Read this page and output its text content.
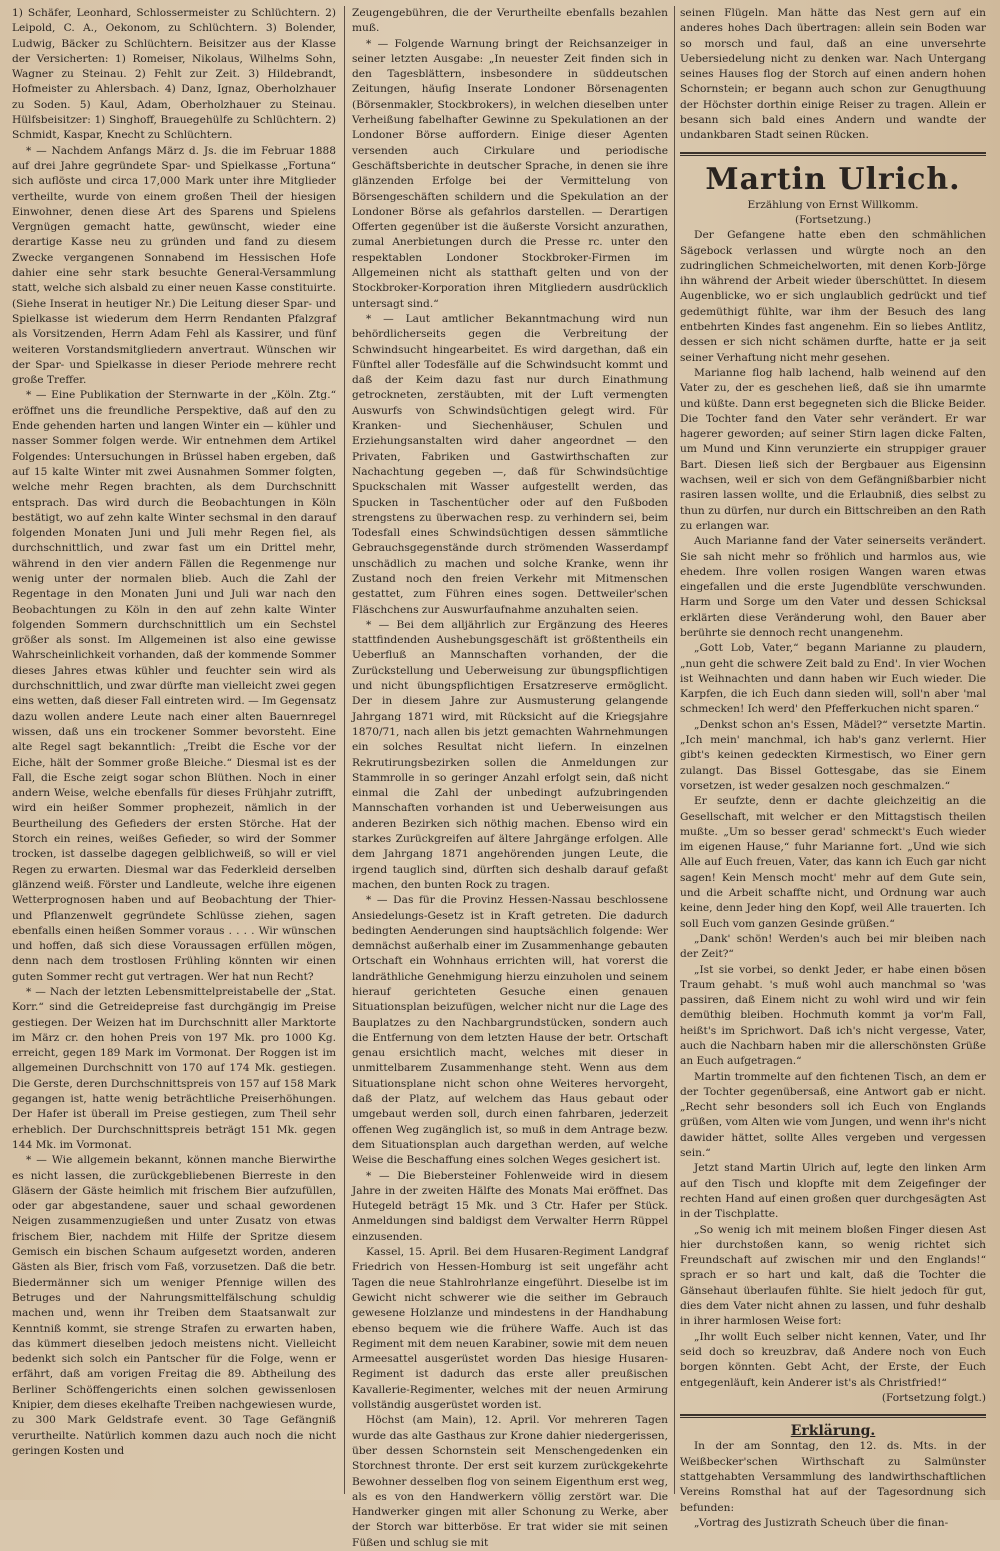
1) Schäfer, Leonhard, Schlossermeister zu Schlüchtern. 2) Leipold, C. A., Oekonom, zu Schlüchtern. 3) Bolender, Ludwig, Bäcker zu Schlüchtern. Beisitzer aus der Klasse der Versicherten: 1) Romeiser, Nikolaus, Wilhelms Sohn, Wagner zu Steinau. 2) Fehlt zur Zeit. 3) Hildebrandt, Hofmeister zu Ahlersbach. 4) Danz, Ignaz, Oberholzhauer zu Soden. 5) Kaul, Adam, Oberholzhauer zu Steinau. Hülfsbeisitzer: 1) Singhoff, Brauegehülfe zu Schlüchtern. 2) Schmidt, Kaspar, Knecht zu Schlüchtern.

* — Nachdem Anfangs März d. Js. die im Februar 1888 auf drei Jahre gegründete Spar- und Spielkasse „Fortuna“ sich auflöste und circa 17,000 Mark unter ihre Mitglieder vertheilte, wurde von einem großen Theil der hiesigen Einwohner, denen diese Art des Sparens und Spielens Vergnügen gemacht hatte, gewünscht, wieder eine derartige Kasse neu zu gründen und fand zu diesem Zwecke vergangenen Sonnabend im Hessischen Hofe dahier eine sehr stark besuchte General-Versammlung statt, welche sich alsbald zu einer neuen Kasse constituirte. (Siehe Inserat in heutiger Nr.) Die Leitung dieser Spar- und Spielkasse ist wiederum dem Herrn Rendanten Pfalzgraf als Vorsitzenden, Herrn Adam Fehl als Kassirer, und fünf weiteren Vorstandsmitgliedern anvertraut. Wünschen wir der Spar- und Spielkasse in dieser Periode mehrere recht große Treffer.

* — Eine Publikation der Sternwarte in der „Köln. Ztg.“ eröffnet uns die freundliche Perspektive, daß auf den zu Ende gehenden harten und langen Winter ein — kühler und nasser Sommer folgen werde. Wir entnehmen dem Artikel Folgendes: Untersuchungen in Brüssel haben ergeben, daß auf 15 kalte Winter mit zwei Ausnahmen Sommer folgten, welche mehr Regen brachten, als dem Durchschnitt entsprach. Das wird durch die Beobachtungen in Köln bestätigt, wo auf zehn kalte Winter sechsmal in den darauf folgenden Monaten Juni und Juli mehr Regen fiel, als durchschnittlich, und zwar fast um ein Drittel mehr, während in den vier andern Fällen die Regenmenge nur wenig unter der normalen blieb. Auch die Zahl der Regentage in den Monaten Juni und Juli war nach den Beobachtungen zu Köln in den auf zehn kalte Winter folgenden Sommern durchschnittlich um ein Sechstel größer als sonst. Im Allgemeinen ist also eine gewisse Wahrscheinlichkeit vorhanden, daß der kommende Sommer dieses Jahres etwas kühler und feuchter sein wird als durchschnittlich, und zwar dürfte man vielleicht zwei gegen eins wetten, daß dieser Fall eintreten wird. — Im Gegensatz dazu wollen andere Leute nach einer alten Bauernregel wissen, daß uns ein trockener Sommer bevorsteht. Eine alte Regel sagt bekanntlich: „Treibt die Esche vor der Eiche, hält der Sommer große Bleiche.“ Diesmal ist es der Fall, die Esche zeigt sogar schon Blüthen. Noch in einer andern Weise, welche ebenfalls für dieses Frühjahr zutrifft, wird ein heißer Sommer prophezeit, nämlich in der Beurtheilung des Gefieders der ersten Störche. Hat der Storch ein reines, weißes Gefieder, so wird der Sommer trocken, ist dasselbe dagegen gelblichweiß, so will er viel Regen zu erwarten. Diesmal war das Federkleid derselben glänzend weiß. Förster und Landleute, welche ihre eigenen Wetterprognosen haben und auf Beobachtung der Thier- und Pflanzenwelt gegründete Schlüsse ziehen, sagen ebenfalls einen heißen Sommer voraus . . . . Wir wünschen und hoffen, daß sich diese Voraussagen erfüllen mögen, denn nach dem trostlosen Frühling könnten wir einen guten Sommer recht gut vertragen. Wer hat nun Recht?

* — Nach der letzten Lebensmittelpreistabelle der „Stat. Korr.“ sind die Getreidepreise fast durchgängig im Preise gestiegen. Der Weizen hat im Durchschnitt aller Marktorte im März cr. den hohen Preis von 197 Mk. pro 1000 Kg. erreicht, gegen 189 Mark im Vormonat. Der Roggen ist im allgemeinen Durchschnitt von 170 auf 174 Mk. gestiegen. Die Gerste, deren Durchschnittspreis von 157 auf 158 Mark gegangen ist, hatte wenig beträchtliche Preiserhöhungen. Der Hafer ist überall im Preise gestiegen, zum Theil sehr erheblich. Der Durchschnittspreis beträgt 151 Mk. gegen 144 Mk. im Vormonat.

* — Wie allgemein bekannt, können manche Bierwirthe es nicht lassen, die zurückgebliebenen Bierreste in den Gläsern der Gäste heimlich mit frischem Bier aufzufüllen, oder gar abgestandene, sauer und schaal gewordenen Neigen zusammenzugießen und unter Zusatz von etwas frischem Bier, nachdem mit Hilfe der Spritze diesem Gemisch ein bischen Schaum aufgesetzt worden, anderen Gästen als Bier, frisch vom Faß, vorzusetzen. Daß die betr. Biedermänner sich um weniger Pfennige willen des Betruges und der Nahrungsmittelfälschung schuldig machen und, wenn ihr Treiben dem Staatsanwalt zur Kenntniß kommt, sie strenge Strafen zu erwarten haben, das kümmert dieselben jedoch meistens nicht. Vielleicht bedenkt sich solch ein Pantscher für die Folge, wenn er erfährt, daß am vorigen Freitag die 89. Abtheilung des Berliner Schöffengerichts einen solchen gewissenlosen Knipier, dem dieses ekelhafte Treiben nachgewiesen wurde, zu 300 Mark Geldstrafe event. 30 Tage Gefängniß verurtheilte. Natürlich kommen dazu auch noch die nicht geringen Kosten und

Zeugengebühren, die der Verurtheilte ebenfalls bezahlen muß.

* — Folgende Warnung bringt der Reichsanzeiger in seiner letzten Ausgabe: „In neuester Zeit finden sich in den Tagesblättern, insbesondere in süddeutschen Zeitungen, häufig Inserate Londoner Börsenagenten (Börsenmakler, Stockbrokers), in welchen dieselben unter Verheißung fabelhafter Gewinne zu Spekulationen an der Londoner Börse auffordern. Einige dieser Agenten versenden auch Cirkulare und periodische Geschäftsberichte in deutscher Sprache, in denen sie ihre glänzenden Erfolge bei der Vermittelung von Börsengeschäften schildern und die Spekulation an der Londoner Börse als gefahrlos darstellen. — Derartigen Offerten gegenüber ist die äußerste Vorsicht anzurathen, zumal Anerbietungen durch die Presse rc. unter den respektablen Londoner Stockbroker-Firmen im Allgemeinen nicht als statthaft gelten und von der Stockbroker-Korporation ihren Mitgliedern ausdrücklich untersagt sind.“

* — Laut amtlicher Bekanntmachung wird nun behördlicherseits gegen die Verbreitung der Schwindsucht hingearbeitet. Es wird dargethan, daß ein Fünftel aller Todesfälle auf die Schwindsucht kommt und daß der Keim dazu fast nur durch Einathmung getrockneten, zerstäubten, mit der Luft vermengten Auswurfs von Schwindsüchtigen gelegt wird. Für Kranken- und Siechenhäuser, Schulen und Erziehungsanstalten wird daher angeordnet — den Privaten, Fabriken und Gastwirthschaften zur Nachachtung gegeben —, daß für Schwindsüchtige Spuckschalen mit Wasser aufgestellt werden, das Spucken in Taschentücher oder auf den Fußboden strengstens zu überwachen resp. zu verhindern sei, beim Todesfall eines Schwindsüchtigen dessen sämmtliche Gebrauchsgegenstände durch strömenden Wasserdampf unschädlich zu machen und solche Kranke, wenn ihr Zustand noch den freien Verkehr mit Mitmenschen gestattet, zum Führen eines sogen. Dettweiler'schen Fläschchens zur Auswurfaufnahme anzuhalten seien.

* — Bei dem alljährlich zur Ergänzung des Heeres stattfindenden Aushebungsgeschäft ist größtentheils ein Ueberfluß an Mannschaften vorhanden, der die Zurückstellung und Ueberweisung zur übungspflichtigen und nicht übungspflichtigen Ersatzreserve ermöglicht. Der in diesem Jahre zur Ausmusterung gelangende Jahrgang 1871 wird, mit Rücksicht auf die Kriegsjahre 1870/71, nach allen bis jetzt gemachten Wahrnehmungen ein solches Resultat nicht liefern. In einzelnen Rekrutirungsbezirken sollen die Anmeldungen zur Stammrolle in so geringer Anzahl erfolgt sein, daß nicht einmal die Zahl der unbedingt aufzubringenden Mannschaften vorhanden ist und Ueberweisungen aus anderen Bezirken sich nöthig machen. Ebenso wird ein starkes Zurückgreifen auf ältere Jahrgänge erfolgen. Alle dem Jahrgang 1871 angehörenden jungen Leute, die irgend tauglich sind, dürften sich deshalb darauf gefaßt machen, den bunten Rock zu tragen.

* — Das für die Provinz Hessen-Nassau beschlossene Ansiedelungs-Gesetz ist in Kraft getreten. Die dadurch bedingten Aenderungen sind hauptsächlich folgende: Wer demnächst außerhalb einer im Zusammenhange gebauten Ortschaft ein Wohnhaus errichten will, hat vorerst die landräthliche Genehmigung hierzu einzuholen und seinem hierauf gerichteten Gesuche einen genauen Situationsplan beizufügen, welcher nicht nur die Lage des Bauplatzes zu den Nachbargrundstücken, sondern auch die Entfernung von dem letzten Hause der betr. Ortschaft genau ersichtlich macht, welches mit dieser in unmittelbarem Zusammenhange steht. Wenn aus dem Situationsplane nicht schon ohne Weiteres hervorgeht, daß der Platz, auf welchem das Haus gebaut oder umgebaut werden soll, durch einen fahrbaren, jederzeit offenen Weg zugänglich ist, so muß in dem Antrage bezw. dem Situationsplan auch dargethan werden, auf welche Weise die Beschaffung eines solchen Weges gesichert ist.

* — Die Biebersteiner Fohlenweide wird in diesem Jahre in der zweiten Hälfte des Monats Mai eröffnet. Das Hutegeld beträgt 15 Mk. und 3 Ctr. Hafer per Stück. Anmeldungen sind baldigst dem Verwalter Herrn Rüppel einzusenden.

Kassel, 15. April. Bei dem Husaren-Regiment Landgraf Friedrich von Hessen-Homburg ist seit ungefähr acht Tagen die neue Stahlrohrlanze eingeführt. Dieselbe ist im Gewicht nicht schwerer wie die seither im Gebrauch gewesene Holzlanze und mindestens in der Handhabung ebenso bequem wie die frühere Waffe. Auch ist das Regiment mit dem neuen Karabiner, sowie mit dem neuen Armeesattel ausgerüstet worden Das hiesige Husaren-Regiment ist dadurch das erste aller preußischen Kavallerie-Regimenter, welches mit der neuen Armirung vollständig ausgerüstet worden ist.

Höchst (am Main), 12. April. Vor mehreren Tagen wurde das alte Gasthaus zur Krone dahier niedergerissen, über dessen Schornstein seit Menschengedenken ein Storchnest thronte. Der erst seit kurzem zurückgekehrte Bewohner desselben flog von seinem Eigenthum erst weg, als es von den Handwerkern völlig zerstört war. Die Handwerker gingen mit aller Schonung zu Werke, aber der Storch war bitterböse. Er trat wider sie mit seinen Füßen und schlug sie mit

seinen Flügeln. Man hätte das Nest gern auf ein anderes hohes Dach übertragen: allein sein Boden war so morsch und faul, daß an eine unversehrte Uebersiedelung nicht zu denken war. Nach Untergang seines Hauses flog der Storch auf einen andern hohen Schornstein; er begann auch schon zur Genugthuung der Höchster dorthin einige Reiser zu tragen. Allein er besann sich bald eines Andern und wandte der undankbaren Stadt seinen Rücken.

Martin Ulrich.

Erzählung von Ernst Willkomm.

(Fortsetzung.)

Der Gefangene hatte eben den schmählichen Sägebock verlassen und würgte noch an den zudringlichen Schmeichelworten, mit denen Korb-Jörge ihn während der Arbeit wieder überschüttet. In diesem Augenblicke, wo er sich unglaublich gedrückt und tief gedemüthigt fühlte, war ihm der Besuch des lang entbehrten Kindes fast angenehm. Ein so liebes Antlitz, dessen er sich nicht schämen durfte, hatte er ja seit seiner Verhaftung nicht mehr gesehen.

Marianne flog halb lachend, halb weinend auf den Vater zu, der es geschehen ließ, daß sie ihn umarmte und küßte. Dann erst begegneten sich die Blicke Beider. Die Tochter fand den Vater sehr verändert. Er war hagerer geworden; auf seiner Stirn lagen dicke Falten, um Mund und Kinn verunzierte ein struppiger grauer Bart. Diesen ließ sich der Bergbauer aus Eigensinn wachsen, weil er sich von dem Gefängnißbarbier nicht rasiren lassen wollte, und die Erlaubniß, dies selbst zu thun zu dürfen, nur durch ein Bittschreiben an den Rath zu erlangen war.

Auch Marianne fand der Vater seinerseits verändert. Sie sah nicht mehr so fröhlich und harmlos aus, wie ehedem. Ihre vollen rosigen Wangen waren etwas eingefallen und die erste Jugendblüte verschwunden. Harm und Sorge um den Vater und dessen Schicksal erklärten diese Veränderung wohl, den Bauer aber berührte sie dennoch recht unangenehm.

„Gott Lob, Vater,“ begann Marianne zu plaudern, „nun geht die schwere Zeit bald zu End'. In vier Wochen ist Weihnachten und dann haben wir Euch wieder. Die Karpfen, die ich Euch dann sieden will, soll'n aber 'mal schmecken! Ich werd' den Pfefferkuchen nicht sparen.“

„Denkst schon an's Essen, Mädel?“ versetzte Martin. „Ich mein' manchmal, ich hab's ganz verlernt. Hier gibt's keinen gedeckten Kirmestisch, wo Einer gern zulangt. Das Bissel Gottesgabe, das sie Einem vorsetzen, ist weder gesalzen noch geschmalzen.“

Er seufzte, denn er dachte gleichzeitig an die Gesellschaft, mit welcher er den Mittagstisch theilen mußte. „Um so besser gerad' schmeckt's Euch wieder im eigenen Hause,“ fuhr Marianne fort. „Und wie sich Alle auf Euch freuen, Vater, das kann ich Euch gar nicht sagen! Kein Mensch mocht' mehr auf dem Gute sein, und die Arbeit schaffte nicht, und Ordnung war auch keine, denn Jeder hing den Kopf, weil Alle trauerten. Ich soll Euch vom ganzen Gesinde grüßen.“

„Dank' schön! Werden's auch bei mir bleiben nach der Zeit?“

„Ist sie vorbei, so denkt Jeder, er habe einen bösen Traum gehabt. 's muß wohl auch manchmal so 'was passiren, daß Einem nicht zu wohl wird und wir fein demüthig bleiben. Hochmuth kommt ja vor'm Fall, heißt's im Sprichwort. Daß ich's nicht vergesse, Vater, auch die Nachbarn haben mir die allerschönsten Grüße an Euch aufgetragen.“

Martin trommelte auf den fichtenen Tisch, an dem er der Tochter gegenübersaß, eine Antwort gab er nicht. „Recht sehr besonders soll ich Euch von Englands grüßen, vom Alten wie vom Jungen, und wenn ihr's nicht dawider hättet, sollte Alles vergeben und vergessen sein.“

Jetzt stand Martin Ulrich auf, legte den linken Arm auf den Tisch und klopfte mit dem Zeigefinger der rechten Hand auf einen großen quer durchgesägten Ast in der Tischplatte.

„So wenig ich mit meinem bloßen Finger diesen Ast hier durchstoßen kann, so wenig richtet sich Freundschaft auf zwischen mir und den Englands!“ sprach er so hart und kalt, daß die Tochter die Gänsehaut überlaufen fühlte. Sie hielt jedoch für gut, dies dem Vater nicht ahnen zu lassen, und fuhr deshalb in ihrer harmlosen Weise fort:

„Ihr wollt Euch selber nicht kennen, Vater, und Ihr seid doch so kreuzbrav, daß Andere noch von Euch borgen könnten. Gebt Acht, der Erste, der Euch entgegenläuft, kein Anderer ist's als Christfried!“

(Fortsetzung folgt.)

Erklärung.

In der am Sonntag, den 12. ds. Mts. in der Weißbecker'schen Wirthschaft zu Salmünster stattgehabten Versammlung des landwirthschaftlichen Vereins Romsthal hat auf der Tagesordnung sich befunden:

„Vortrag des Justizrath Scheuch über die finan-
